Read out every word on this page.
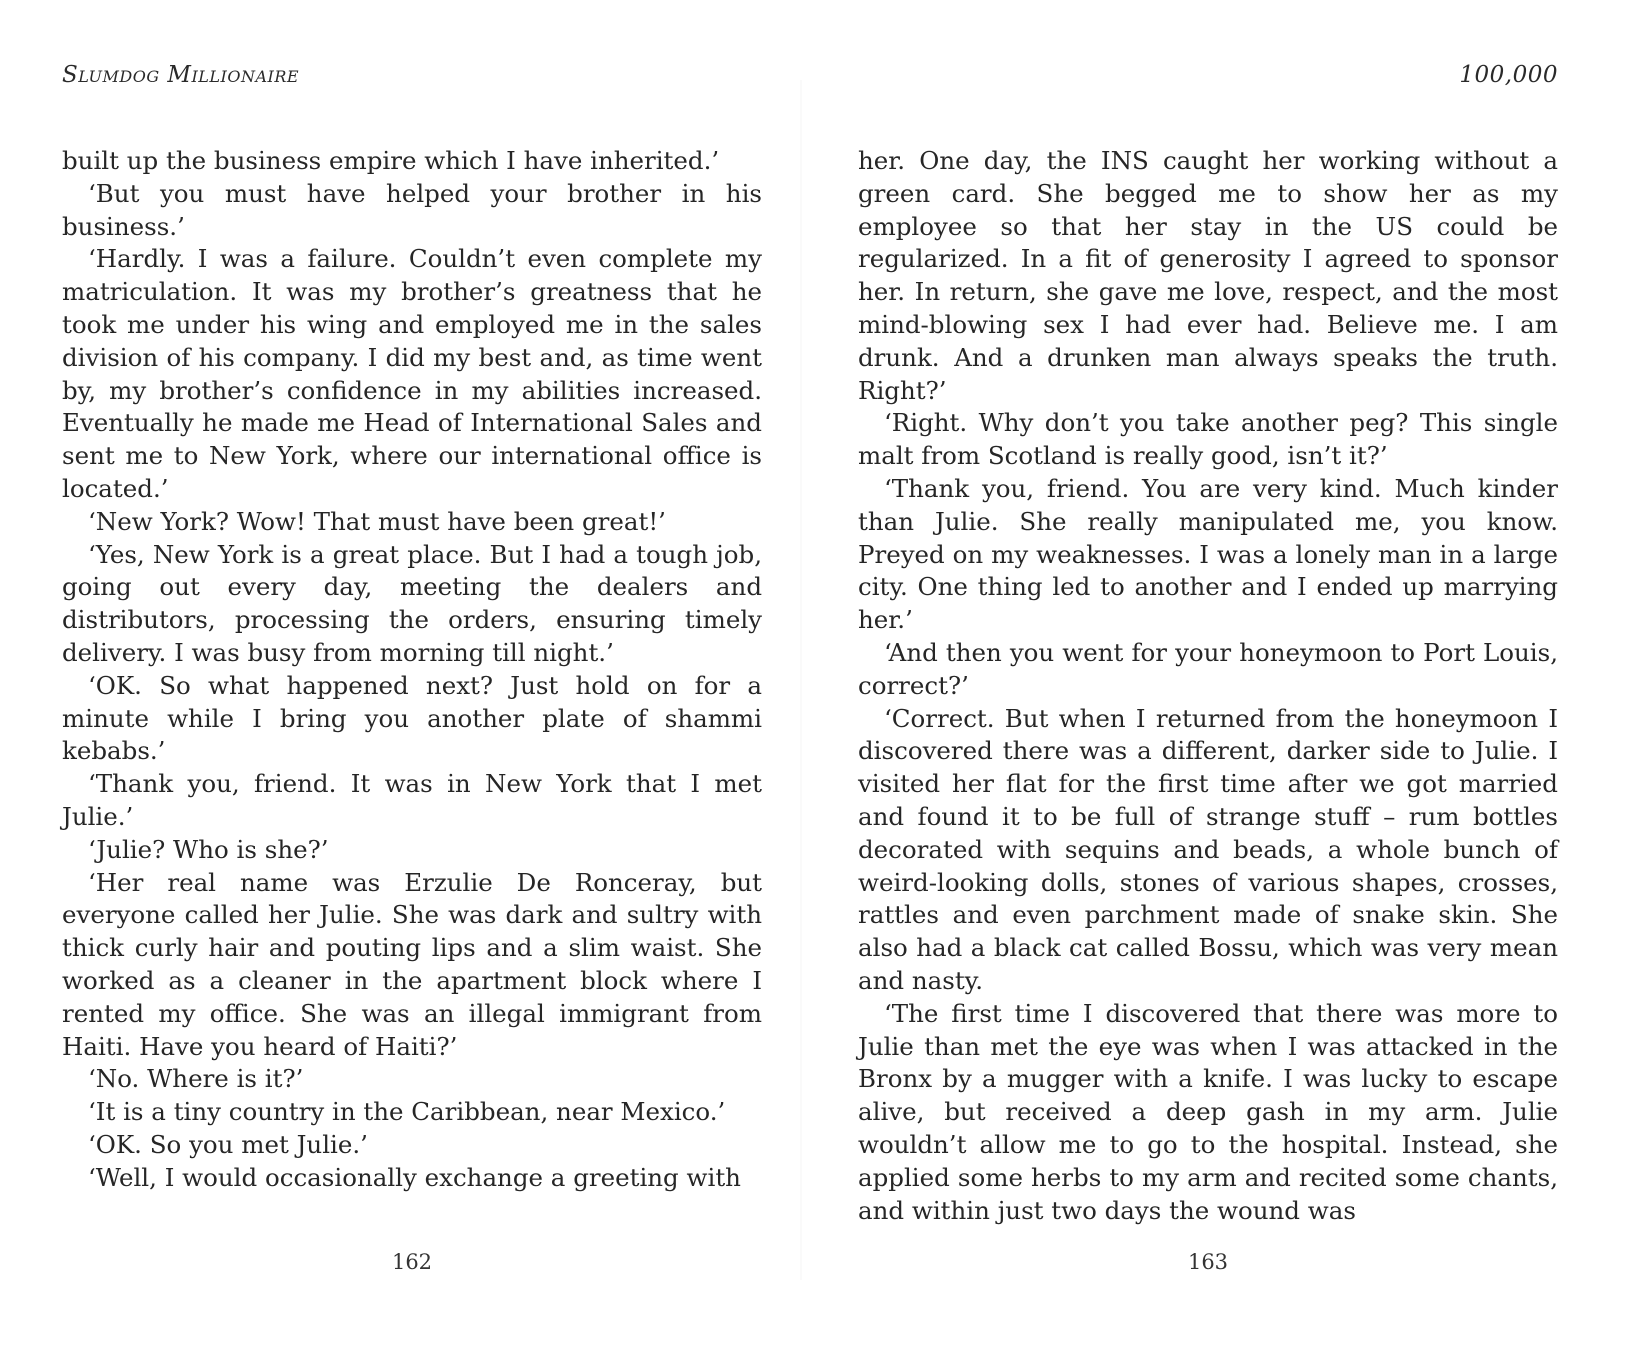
Slumdog Millionaire

built up the business empire which I have inherited.’

‘But you must have helped your brother in his business.’

‘Hardly. I was a failure. Couldn’t even complete my matriculation. It was my brother’s greatness that he took me under his wing and employed me in the sales division of his company. I did my best and, as time went by, my brother’s confidence in my abilities increased. Eventually he made me Head of International Sales and sent me to New York, where our international office is located.’

‘New York? Wow! That must have been great!’

‘Yes, New York is a great place. But I had a tough job, going out every day, meeting the dealers and distributors, processing the orders, ensuring timely delivery. I was busy from morning till night.’

‘OK. So what happened next? Just hold on for a minute while I bring you another plate of shammi kebabs.’

‘Thank you, friend. It was in New York that I met Julie.’

‘Julie? Who is she?’

‘Her real name was Erzulie De Ronceray, but everyone called her Julie. She was dark and sultry with thick curly hair and pouting lips and a slim waist. She worked as a cleaner in the apartment block where I rented my office. She was an illegal immigrant from Haiti. Have you heard of Haiti?’

‘No. Where is it?’

‘It is a tiny country in the Caribbean, near Mexico.’

‘OK. So you met Julie.’

‘Well, I would occasionally exchange a greeting with

162
100,000

her. One day, the INS caught her working without a green card. She begged me to show her as my employee so that her stay in the US could be regularized. In a fit of generosity I agreed to sponsor her. In return, she gave me love, respect, and the most mind-blowing sex I had ever had. Believe me. I am drunk. And a drunken man always speaks the truth. Right?’

‘Right. Why don’t you take another peg? This single malt from Scotland is really good, isn’t it?’

‘Thank you, friend. You are very kind. Much kinder than Julie. She really manipulated me, you know. Preyed on my weaknesses. I was a lonely man in a large city. One thing led to another and I ended up marrying her.’

‘And then you went for your honeymoon to Port Louis, correct?’

‘Correct. But when I returned from the honeymoon I discovered there was a different, darker side to Julie. I visited her flat for the first time after we got married and found it to be full of strange stuff – rum bottles decorated with sequins and beads, a whole bunch of weird-looking dolls, stones of various shapes, crosses, rattles and even parchment made of snake skin. She also had a black cat called Bossu, which was very mean and nasty.

‘The first time I discovered that there was more to Julie than met the eye was when I was attacked in the Bronx by a mugger with a knife. I was lucky to escape alive, but received a deep gash in my arm. Julie wouldn’t allow me to go to the hospital. Instead, she applied some herbs to my arm and recited some chants, and within just two days the wound was

163
